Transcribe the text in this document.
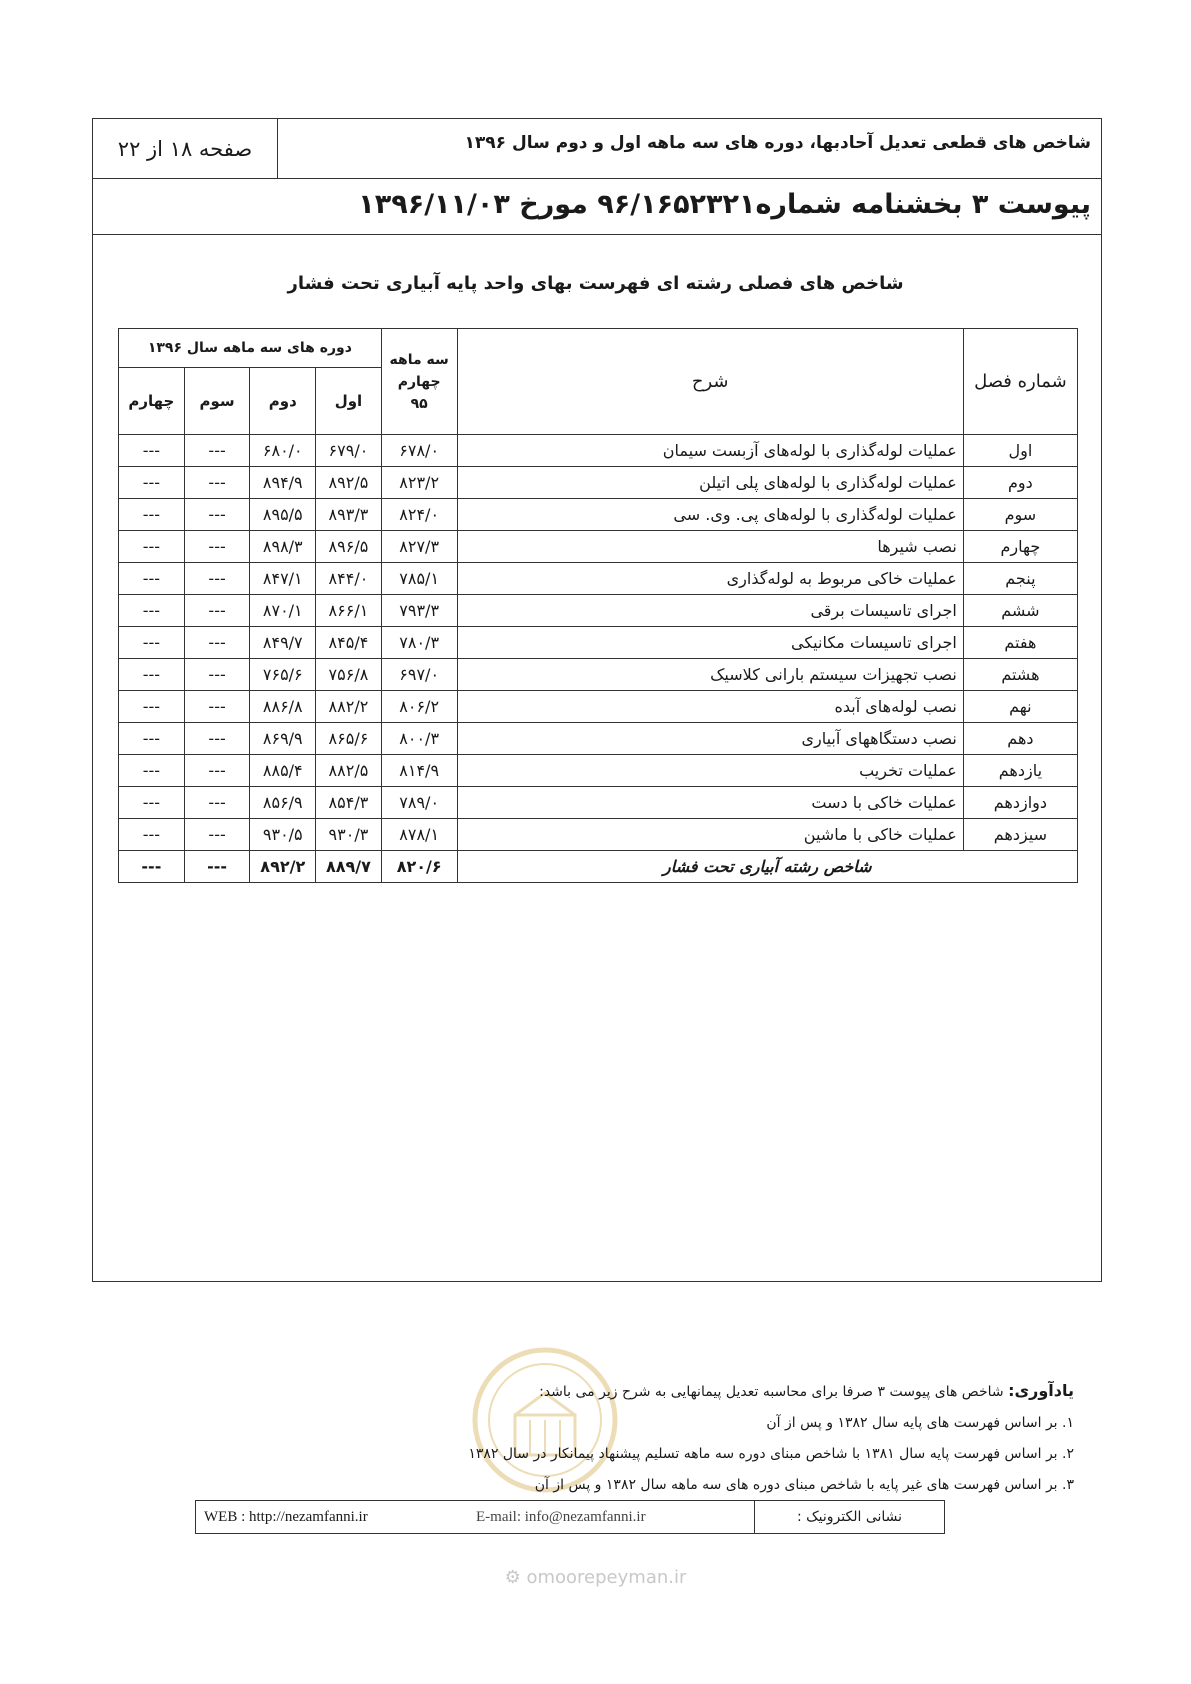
صفحه ۱۸ از ۲۲	شاخص های قطعی تعدیل آحادبها، دوره های سه ماهه اول و دوم سال ۱۳۹۶
پیوست ۳ بخشنامه شماره۹۶/۱۶۵۲۳۲۱ مورخ ۱۳۹۶/۱۱/۰۳
شاخص های فصلی رشته ای فهرست بهای واحد پایه آبیاری تحت فشار
شماره فصل	شرح	سه ماهه چهارم ۹۵	دوره های سه ماهه سال ۱۳۹۶			
			اول	دوم	سوم	چهارم
اول	عملیات لوله‌گذاری با لوله‌های آزبست سیمان	۶۷۸/۰	۶۷۹/۰	۶۸۰/۰	---	---
دوم	عملیات لوله‌گذاری با لوله‌های پلی اتیلن	۸۲۳/۲	۸۹۲/۵	۸۹۴/۹	---	---
سوم	عملیات لوله‌گذاری با لوله‌های پی. وی. سی	۸۲۴/۰	۸۹۳/۳	۸۹۵/۵	---	---
چهارم	نصب شیرها	۸۲۷/۳	۸۹۶/۵	۸۹۸/۳	---	---
پنجم	عملیات خاکی مربوط به لوله‌گذاری	۷۸۵/۱	۸۴۴/۰	۸۴۷/۱	---	---
ششم	اجرای تاسیسات برقی	۷۹۳/۳	۸۶۶/۱	۸۷۰/۱	---	---
هفتم	اجرای تاسیسات مکانیکی	۷۸۰/۳	۸۴۵/۴	۸۴۹/۷	---	---
هشتم	نصب تجهیزات سیستم بارانی کلاسیک	۶۹۷/۰	۷۵۶/۸	۷۶۵/۶	---	---
نهم	نصب لوله‌های آبده	۸۰۶/۲	۸۸۲/۲	۸۸۶/۸	---	---
دهم	نصب دستگاههای آبیاری	۸۰۰/۳	۸۶۵/۶	۸۶۹/۹	---	---
یازدهم	عملیات تخریب	۸۱۴/۹	۸۸۲/۵	۸۸۵/۴	---	---
دوازدهم	عملیات خاکی با دست	۷۸۹/۰	۸۵۴/۳	۸۵۶/۹	---	---
سیزدهم	عملیات خاکی با ماشین	۸۷۸/۱	۹۳۰/۳	۹۳۰/۵	---	---
شاخص رشته آبیاری تحت فشار		۸۲۰/۶	۸۸۹/۷	۸۹۲/۲	---	---
یادآوری: شاخص های پیوست ۳ صرفا برای محاسبه تعدیل پیمانهایی به شرح زیر می باشد:
۱. بر اساس فهرست های پایه سال ۱۳۸۲ و پس از آن
۲. بر اساس فهرست پایه سال ۱۳۸۱ با شاخص مبنای دوره سه ماهه تسلیم پیشنهاد پیمانکار در سال ۱۳۸۲
۳. بر اساس فهرست های غیر پایه با شاخص مبنای دوره های سه ماهه سال ۱۳۸۲ و پس از آن
نشانی الکترونیک :
E-mail: info@nezamfanni.ir
WEB : http://nezamfanni.ir
⚙ omoorepeyman.ir
